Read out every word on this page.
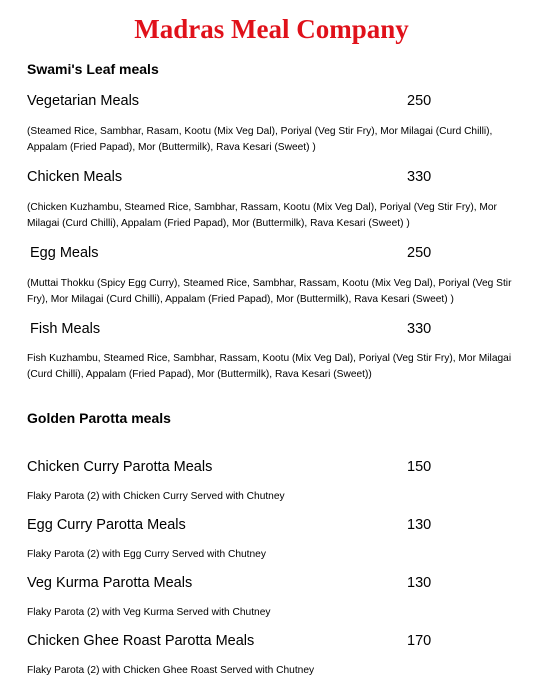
Madras Meal Company
Swami's Leaf meals
Vegetarian Meals	250
(Steamed Rice, Sambhar, Rasam, Kootu (Mix Veg Dal), Poriyal (Veg Stir Fry), Mor Milagai (Curd Chilli), Appalam (Fried Papad), Mor (Buttermilk), Rava Kesari (Sweet) )
Chicken Meals	330
(Chicken Kuzhambu, Steamed Rice, Sambhar, Rassam, Kootu (Mix Veg Dal), Poriyal (Veg Stir Fry), Mor Milagai (Curd Chilli), Appalam (Fried Papad), Mor (Buttermilk), Rava Kesari (Sweet) )
Egg Meals	250
(Muttai Thokku (Spicy Egg Curry), Steamed Rice, Sambhar, Rassam, Kootu (Mix Veg Dal), Poriyal (Veg Stir Fry), Mor Milagai (Curd Chilli), Appalam (Fried Papad), Mor (Buttermilk), Rava Kesari (Sweet) )
Fish Meals	330
Fish Kuzhambu, Steamed Rice, Sambhar, Rassam, Kootu (Mix Veg Dal), Poriyal (Veg Stir Fry), Mor Milagai (Curd Chilli), Appalam (Fried Papad), Mor (Buttermilk), Rava Kesari (Sweet))
Golden Parotta meals
Chicken Curry Parotta Meals	150
Flaky Parota (2) with Chicken Curry Served with Chutney
Egg Curry Parotta Meals	130
Flaky Parota (2) with Egg Curry Served with Chutney
Veg Kurma Parotta Meals	130
Flaky Parota (2) with Veg Kurma Served with Chutney
Chicken Ghee Roast Parotta Meals	170
Flaky Parota (2) with Chicken Ghee Roast Served with Chutney
